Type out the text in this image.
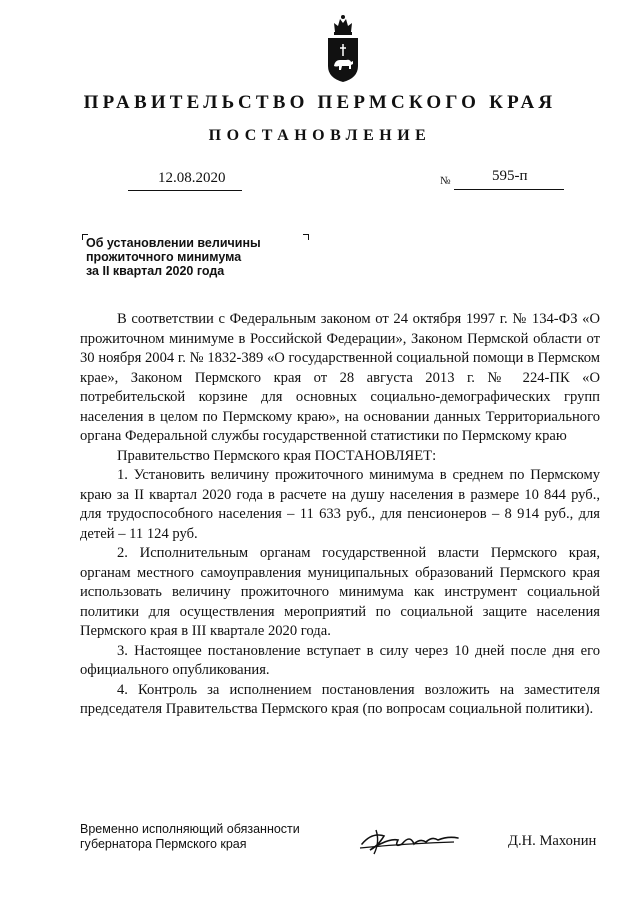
ПРАВИТЕЛЬСТВО ПЕРМСКОГО КРАЯ
ПОСТАНОВЛЕНИЕ
12.08.2020	№	595-п
Об установлении величины
прожиточного минимума
за II квартал 2020 года

В соответствии с Федеральным законом от 24 октября 1997 г. № 134-ФЗ «О прожиточном минимуме в Российской Федерации», Законом Пермской области от 30 ноября 2004 г. № 1832-389 «О государственной социальной помощи в Пермском крае», Законом Пермского края от 28 августа 2013 г. № 224-ПК «О потребительской корзине для основных социально-демографических групп населения в целом по Пермскому краю», на основании данных Территориального органа Федеральной службы государственной статистики по Пермскому краю

Правительство Пермского края ПОСТАНОВЛЯЕТ:

1. Установить величину прожиточного минимума в среднем по Пермскому краю за II квартал 2020 года в расчете на душу населения в размере 10 844 руб., для трудоспособного населения – 11 633 руб., для пенсионеров – 8 914 руб., для детей – 11 124 руб.

2. Исполнительным органам государственной власти Пермского края, органам местного самоуправления муниципальных образований Пермского края использовать величину прожиточного минимума как инструмент социальной политики для осуществления мероприятий по социальной защите населения Пермского края в III квартале 2020 года.

3. Настоящее постановление вступает в силу через 10 дней после дня его официального опубликования.

4. Контроль за исполнением постановления возложить на заместителя председателя Правительства Пермского края (по вопросам социальной политики).

Временно исполняющий обязанности
губернатора Пермского края	Д.Н. Махонин
